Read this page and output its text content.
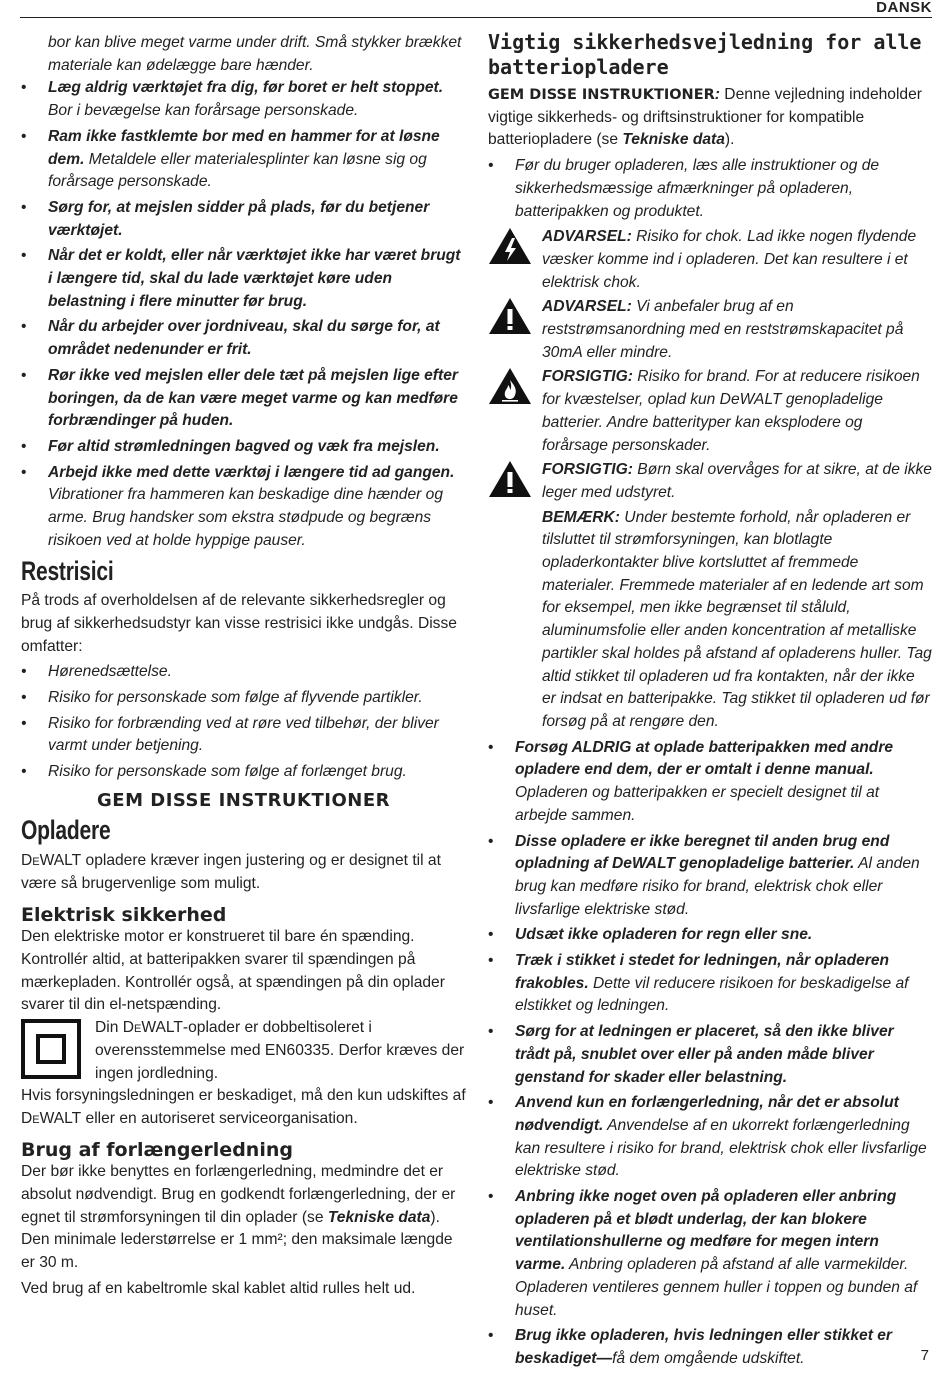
DANSK

bor kan blive meget varme under drift. Små stykker brækket materiale kan ødelægge bare hænder.

• Læg aldrig værktøjet fra dig, før boret er helt stoppet. Bor i bevægelse kan forårsage personskade.
• Ram ikke fastklemte bor med en hammer for at løsne dem. Metaldele eller materialesplinter kan løsne sig og forårsage personskade.
• Sørg for, at mejslen sidder på plads, før du betjener værktøjet.
• Når det er koldt, eller når værktøjet ikke har været brugt i længere tid, skal du lade værktøjet køre uden belastning i flere minutter før brug.
• Når du arbejder over jordniveau, skal du sørge for, at området nedenunder er frit.
• Rør ikke ved mejslen eller dele tæt på mejslen lige efter boringen, da de kan være meget varme og kan medføre forbrændinger på huden.
• Før altid strømledningen bagved og væk fra mejslen.
• Arbejd ikke med dette værktøj i længere tid ad gangen. Vibrationer fra hammeren kan beskadige dine hænder og arme. Brug handsker som ekstra stødpude og begræns risikoen ved at holde hyppige pauser.
Restrisici

På trods af overholdelsen af de relevante sikkerhedsregler og brug af sikkerhedsudstyr kan visse restrisici ikke undgås. Disse omfatter:

• Hørenedsættelse.
• Risiko for personskade som følge af flyvende partikler.
• Risiko for forbrænding ved at røre ved tilbehør, der bliver varmt under betjening.
• Risiko for personskade som følge af forlænget brug.
GEM DISSE INSTRUKTIONER
Opladere

DeWALT opladere kræver ingen justering og er designet til at være så brugervenlige som muligt.

Elektrisk sikkerhed

Den elektriske motor er konstrueret til bare én spænding. Kontrollér altid, at batteripakken svarer til spændingen på mærkepladen. Kontrollér også, at spændingen på din oplader svarer til din el-netspænding.

Din DeWALT-oplader er dobbeltisoleret i overensstemmelse med EN60335. Derfor kræves der ingen jordledning.

Hvis forsyningsledningen er beskadiget, må den kun udskiftes af DeWALT eller en autoriseret serviceorganisation.

Brug af forlængerledning

Der bør ikke benyttes en forlængerledning, medmindre det er absolut nødvendigt. Brug en godkendt forlængerledning, der er egnet til strømforsyningen til din oplader (se Tekniske data). Den minimale lederstørrelse er 1 mm²; den maksimale længde er 30 m.

Ved brug af en kabeltromle skal kablet altid rulles helt ud.

Vigtig sikkerhedsvejledning for alle batteriopladere

GEM DISSE INSTRUKTIONER: Denne vejledning indeholder vigtige sikkerheds- og driftsinstruktioner for kompatible batteriopladere (se Tekniske data).

• Før du bruger opladeren, læs alle instruktioner og de sikkerhedsmæssige afmærkninger på opladeren, batteripakken og produktet.
ADVARSEL: Risiko for chok. Lad ikke nogen flydende væsker komme ind i opladeren. Det kan resultere i et elektrisk chok.
ADVARSEL: Vi anbefaler brug af en reststrømsanordning med en reststrømskapacitet på 30mA eller mindre.
FORSIGTIG: Risiko for brand. For at reducere risikoen for kvæstelser, oplad kun DeWALT genopladelige batterier. Andre batterityper kan eksplodere og forårsage personskader.
FORSIGTIG: Børn skal overvåges for at sikre, at de ikke leger med udstyret.

BEMÆRK: Under bestemte forhold, når opladeren er tilsluttet til strømforsyningen, kan blotlagte opladerkontakter blive kortsluttet af fremmede materialer. Fremmede materialer af en ledende art som for eksempel, men ikke begrænset til ståluld, aluminumsfolie eller anden koncentration af metalliske partikler skal holdes på afstand af opladerens huller. Tag altid stikket til opladeren ud fra kontakten, når der ikke er indsat en batteripakke. Tag stikket til opladeren ud før forsøg på at rengøre den.

• Forsøg ALDRIG at oplade batteripakken med andre opladere end dem, der er omtalt i denne manual. Opladeren og batteripakken er specielt designet til at arbejde sammen.
• Disse opladere er ikke beregnet til anden brug end opladning af DeWALT genopladelige batterier. Al anden brug kan medføre risiko for brand, elektrisk chok eller livsfarlige elektriske stød.
• Udsæt ikke opladeren for regn eller sne.
• Træk i stikket i stedet for ledningen, når opladeren frakobles. Dette vil reducere risikoen for beskadigelse af elstikket og ledningen.
• Sørg for at ledningen er placeret, så den ikke bliver trådt på, snublet over eller på anden måde bliver genstand for skader eller belastning.
• Anvend kun en forlængerledning, når det er absolut nødvendigt. Anvendelse af en ukorrekt forlængerledning kan resultere i risiko for brand, elektrisk chok eller livsfarlige elektriske stød.
• Anbring ikke noget oven på opladeren eller anbring opladeren på et blødt underlag, der kan blokere ventilationshullerne og medføre for megen intern varme. Anbring opladeren på afstand af alle varmekilder. Opladeren ventileres gennem huller i toppen og bunden af huset.
• Brug ikke opladeren, hvis ledningen eller stikket er beskadiget—få dem omgående udskiftet.	7
